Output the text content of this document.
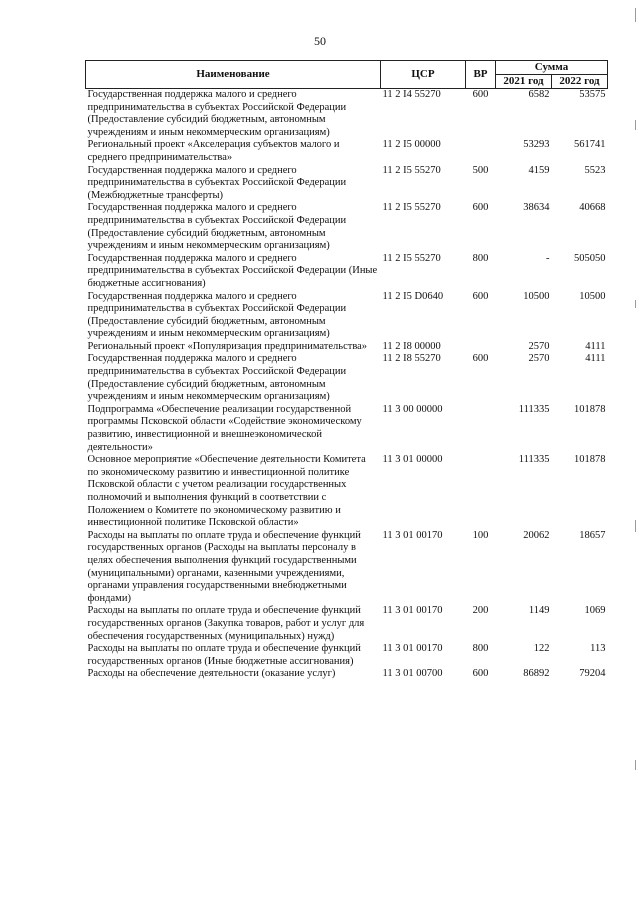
50
Наименование	ЦСР	ВР	Сумма	
			2021 год	2022 год
Государственная поддержка малого и среднего предпринимательства в субъектах Российской Федерации (Предоставление субсидий бюджетным, автономным учреждениям и иным некоммерческим организациям)	11 2 I4 55270	600	6582	53575
Региональный проект «Акселерация субъектов малого и среднего предпринимательства»	11 2 I5 00000		53293	561741
Государственная поддержка малого и среднего предпринимательства в субъектах Российской Федерации (Межбюджетные трансферты)	11 2 I5 55270	500	4159	5523
Государственная поддержка малого и среднего предпринимательства в субъектах Российской Федерации (Предоставление субсидий бюджетным, автономным учреждениям и иным некоммерческим организациям)	11 2 I5 55270	600	38634	40668
Государственная поддержка малого и среднего предпринимательства в субъектах Российской Федерации (Иные бюджетные ассигнования)	11 2 I5 55270	800	-	505050
Государственная поддержка малого и среднего предпринимательства в субъектах Российской Федерации (Предоставление субсидий бюджетным, автономным учреждениям и иным некоммерческим организациям)	11 2 I5 D0640	600	10500	10500
Региональный проект «Популяризация предпринимательства»	11 2 I8 00000		2570	4111
Государственная поддержка малого и среднего предпринимательства в субъектах Российской Федерации (Предоставление субсидий бюджетным, автономным учреждениям и иным некоммерческим организациям)	11 2 I8 55270	600	2570	4111
Подпрограмма «Обеспечение реализации государственной программы Псковской области «Содействие экономическому развитию, инвестиционной и внешнеэкономической деятельности»	11 3 00 00000		111335	101878
Основное мероприятие «Обеспечение деятельности Комитета по экономическому развитию и инвестиционной политике Псковской области с учетом реализации государственных полномочий и выполнения функций в соответствии с Положением о Комитете по экономическому развитию и инвестиционной политике Псковской области»	11 3 01 00000		111335	101878
Расходы на выплаты по оплате труда и обеспечение функций государственных органов (Расходы на выплаты персоналу в целях обеспечения выполнения функций государственными (муниципальными) органами, казенными учреждениями, органами управления государственными внебюджетными фондами)	11 3 01 00170	100	20062	18657
Расходы на выплаты по оплате труда и обеспечение функций государственных органов (Закупка товаров, работ и услуг для обеспечения государственных (муниципальных) нужд)	11 3 01 00170	200	1149	1069
Расходы на выплаты по оплате труда и обеспечение функций государственных органов (Иные бюджетные ассигнования)	11 3 01 00170	800	122	113
Расходы на обеспечение деятельности (оказание услуг)	11 3 01 00700	600	86892	79204
